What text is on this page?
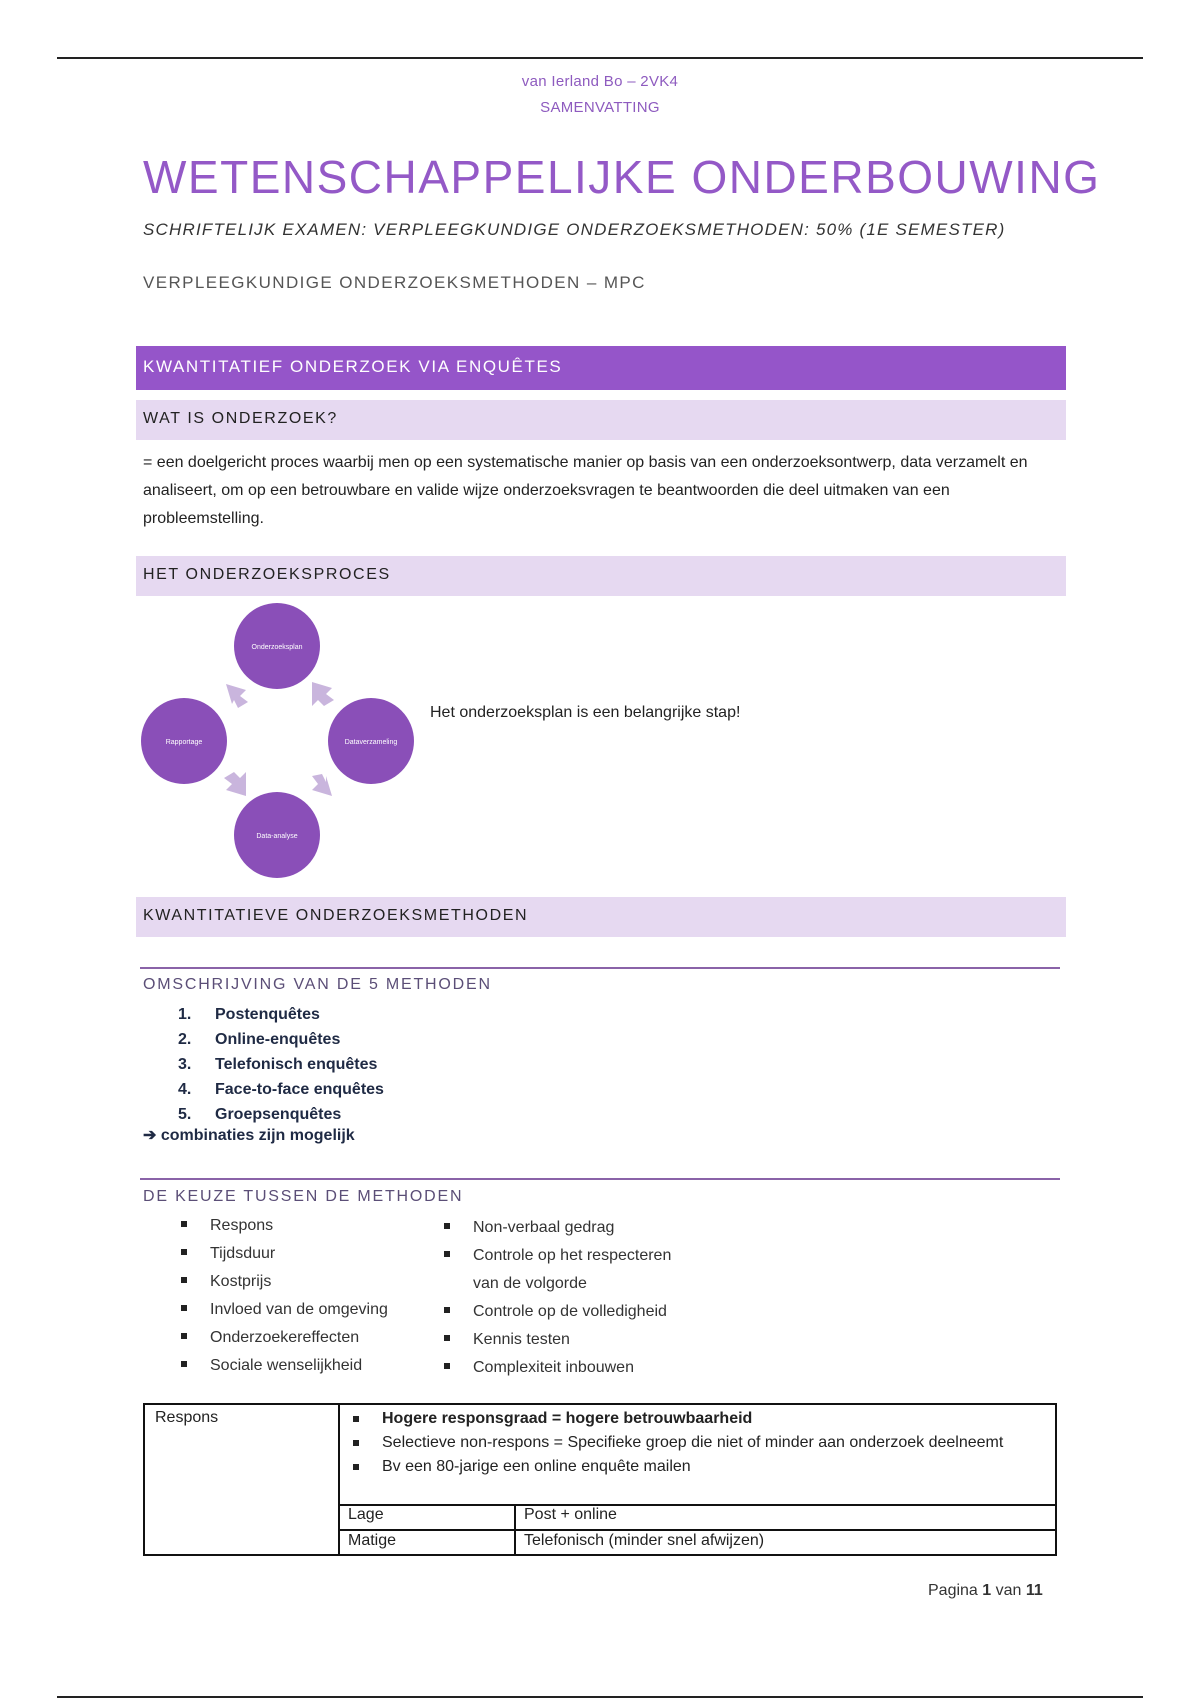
van Ierland Bo – 2VK4
SAMENVATTING
WETENSCHAPPELIJKE ONDERBOUWING
SCHRIFTELIJK EXAMEN: VERPLEEGKUNDIGE ONDERZOEKSMETHODEN: 50% (1E SEMESTER)
VERPLEEGKUNDIGE ONDERZOEKSMETHODEN – MPC
KWANTITATIEF ONDERZOEK VIA ENQUÊTES
WAT IS ONDERZOEK?
= een doelgericht proces waarbij men op een systematische manier op basis van een onderzoeksontwerp, data verzamelt en analiseert, om op een betrouwbare en valide wijze onderzoeksvragen te beantwoorden die deel uitmaken van een probleemstelling.
HET ONDERZOEKSPROCES
Onderzoeksplan
Dataverzameling
Data-analyse
Rapportage
Het onderzoeksplan is een belangrijke stap!
KWANTITATIEVE ONDERZOEKSMETHODEN
OMSCHRIJVING VAN DE 5 METHODEN
1. Postenquêtes
2. Online-enquêtes
3. Telefonisch enquêtes
4. Face-to-face enquêtes
5. Groepsenquêtes
➔ combinaties zijn mogelijk
DE KEUZE TUSSEN DE METHODEN
Respons
Tijdsduur
Kostprijs
Invloed van de omgeving
Onderzoekereffecten
Sociale wenselijkheid
Non-verbaal gedrag
Controle op het respecteren
van de volgorde
Controle op de volledigheid
Kennis testen
Complexiteit inbouwen
Respons	Hogere responsgraad = hogere betrouwbaarheid
Selectieve non-respons = Specifieke groep die niet of minder aan onderzoek deelneemt
Bv een 80-jarige een online enquête mailen
Lage	Post + online
Matige	Telefonisch (minder snel afwijzen)
Pagina 1 van 11
